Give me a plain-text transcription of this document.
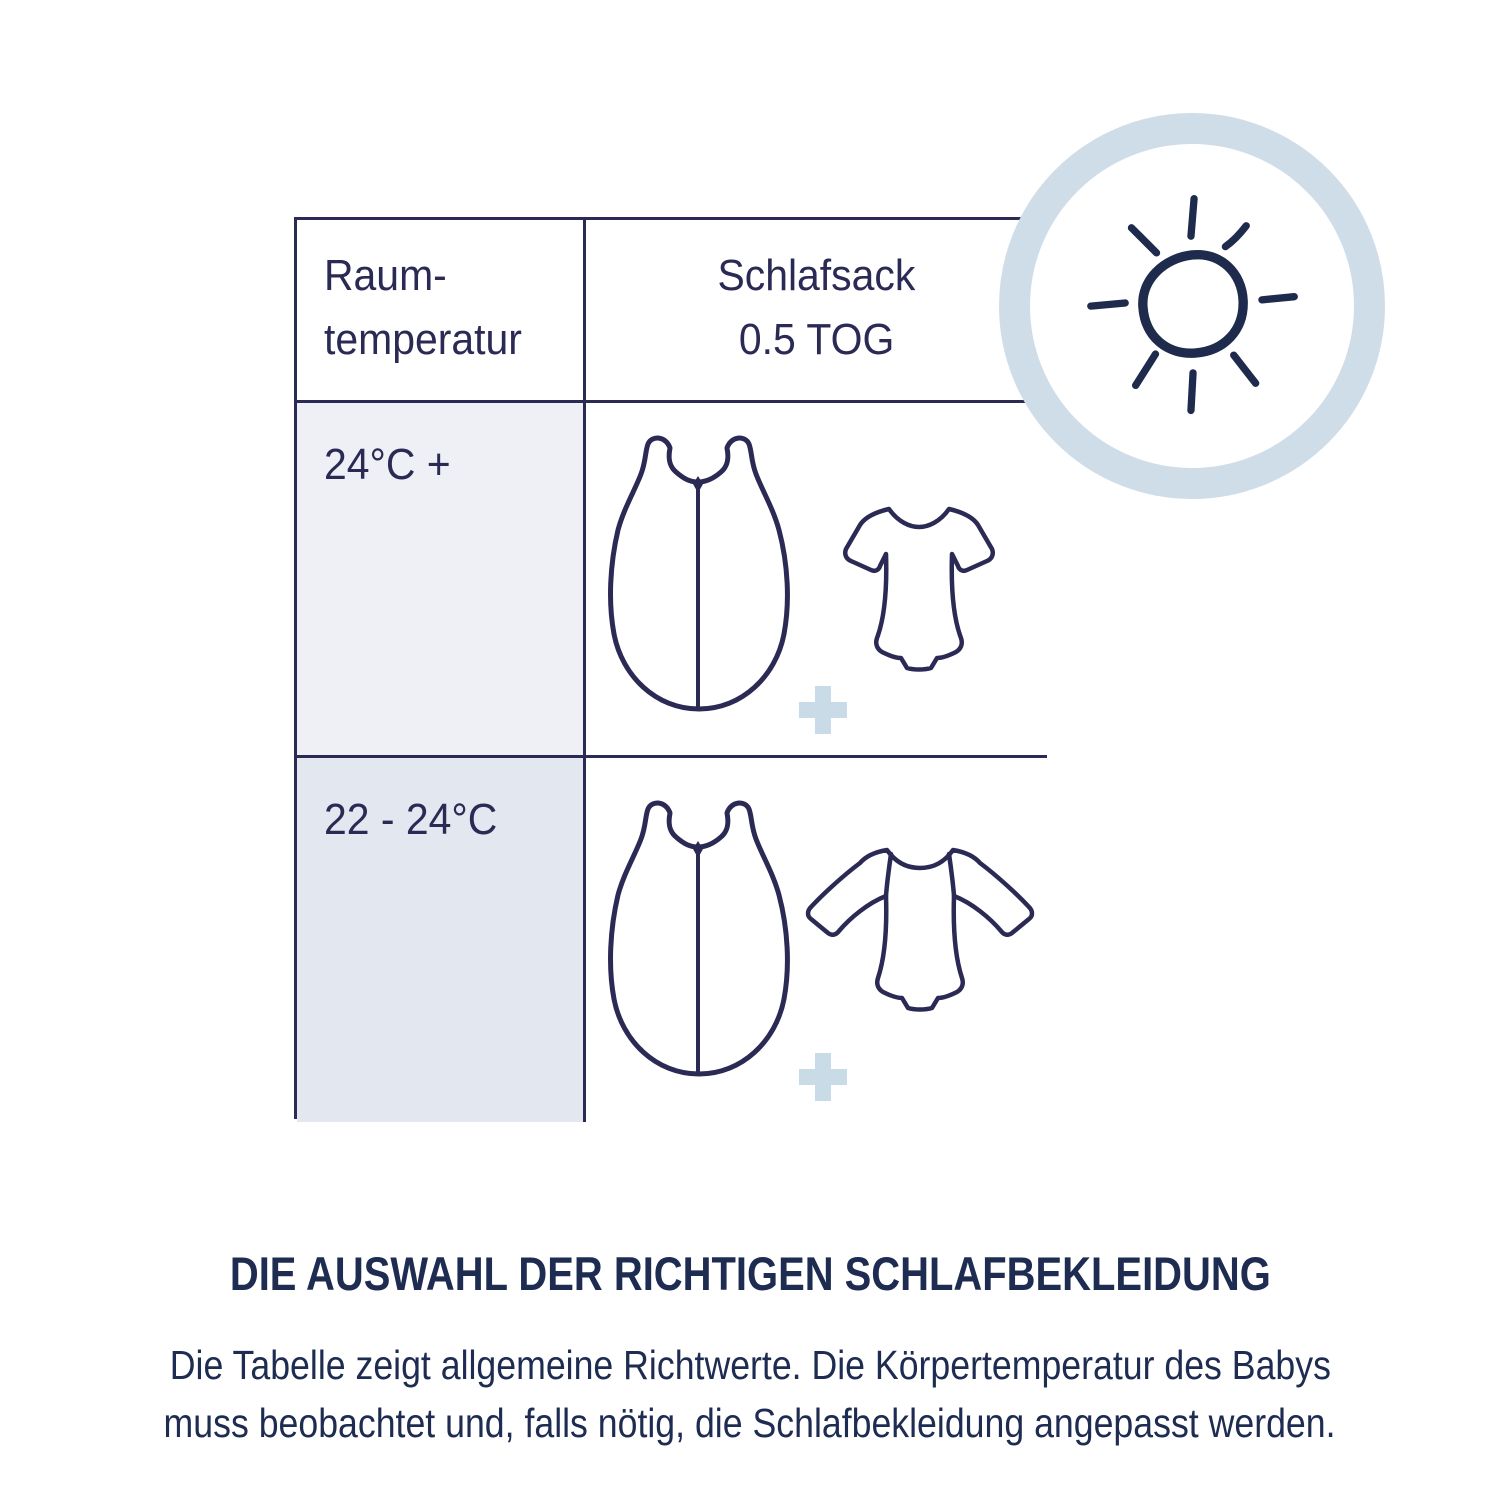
Raum-
temperatur
Schlafsack
0.5 TOG
24°C +
22 - 24°C
DIE AUSWAHL DER RICHTIGEN SCHLAFBEKLEIDUNG
Die Tabelle zeigt allgemeine Richtwerte. Die Körpertemperatur des Babys
muss beobachtet und, falls nötig, die Schlafbekleidung angepasst werden.
